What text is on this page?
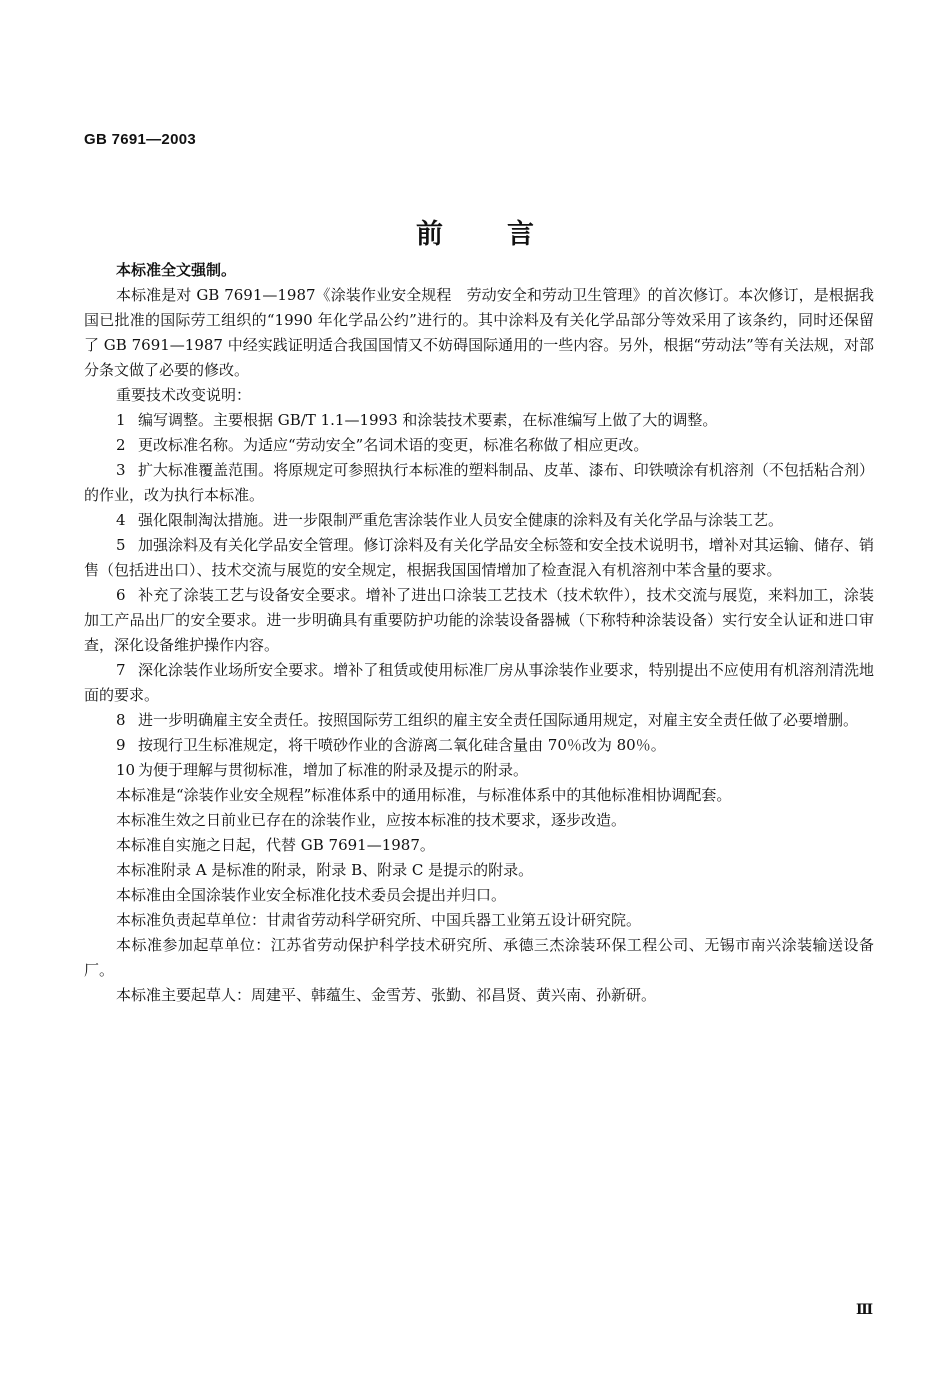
GB 7691—2003
前言

本标准全文强制。

本标准是对 GB 7691—1987《涂装作业安全规程　劳动安全和劳动卫生管理》的首次修订。本次修订，是根据我国已批准的国际劳工组织的“1990 年化学品公约”进行的。其中涂料及有关化学品部分等效采用了该条约，同时还保留了 GB 7691—1987 中经实践证明适合我国国情又不妨碍国际通用的一些内容。另外，根据“劳动法”等有关法规，对部分条文做了必要的修改。

重要技术改变说明：

1 编写调整。主要根据 GB/T 1.1—1993 和涂装技术要素，在标准编写上做了大的调整。

2 更改标准名称。为适应“劳动安全”名词术语的变更，标准名称做了相应更改。

3 扩大标准覆盖范围。将原规定可参照执行本标准的塑料制品、皮革、漆布、印铁喷涂有机溶剂（不包括粘合剂）的作业，改为执行本标准。

4 强化限制淘汰措施。进一步限制严重危害涂装作业人员安全健康的涂料及有关化学品与涂装工艺。

5 加强涂料及有关化学品安全管理。修订涂料及有关化学品安全标签和安全技术说明书，增补对其运输、储存、销售（包括进出口）、技术交流与展览的安全规定，根据我国国情增加了检查混入有机溶剂中苯含量的要求。

6 补充了涂装工艺与设备安全要求。增补了进出口涂装工艺技术（技术软件），技术交流与展览，来料加工，涂装加工产品出厂的安全要求。进一步明确具有重要防护功能的涂装设备器械（下称特种涂装设备）实行安全认证和进口审查，深化设备维护操作内容。

7 深化涂装作业场所安全要求。增补了租赁或使用标准厂房从事涂装作业要求，特别提出不应使用有机溶剂清洗地面的要求。

8 进一步明确雇主安全责任。按照国际劳工组织的雇主安全责任国际通用规定，对雇主安全责任做了必要增删。

9 按现行卫生标准规定，将干喷砂作业的含游离二氧化硅含量由 70％改为 80％。

10 为便于理解与贯彻标准，增加了标准的附录及提示的附录。

本标准是“涂装作业安全规程”标准体系中的通用标准，与标准体系中的其他标准相协调配套。

本标准生效之日前业已存在的涂装作业，应按本标准的技术要求，逐步改造。

本标准自实施之日起，代替 GB 7691—1987。

本标准附录 A 是标准的附录，附录 B、附录 C 是提示的附录。

本标准由全国涂装作业安全标准化技术委员会提出并归口。

本标准负责起草单位：甘肃省劳动科学研究所、中国兵器工业第五设计研究院。

本标准参加起草单位：江苏省劳动保护科学技术研究所、承德三杰涂装环保工程公司、无锡市南兴涂装输送设备厂。

本标准主要起草人：周建平、韩蕴生、金雪芳、张勤、祁昌贤、黄兴南、孙新研。

Ⅲ
